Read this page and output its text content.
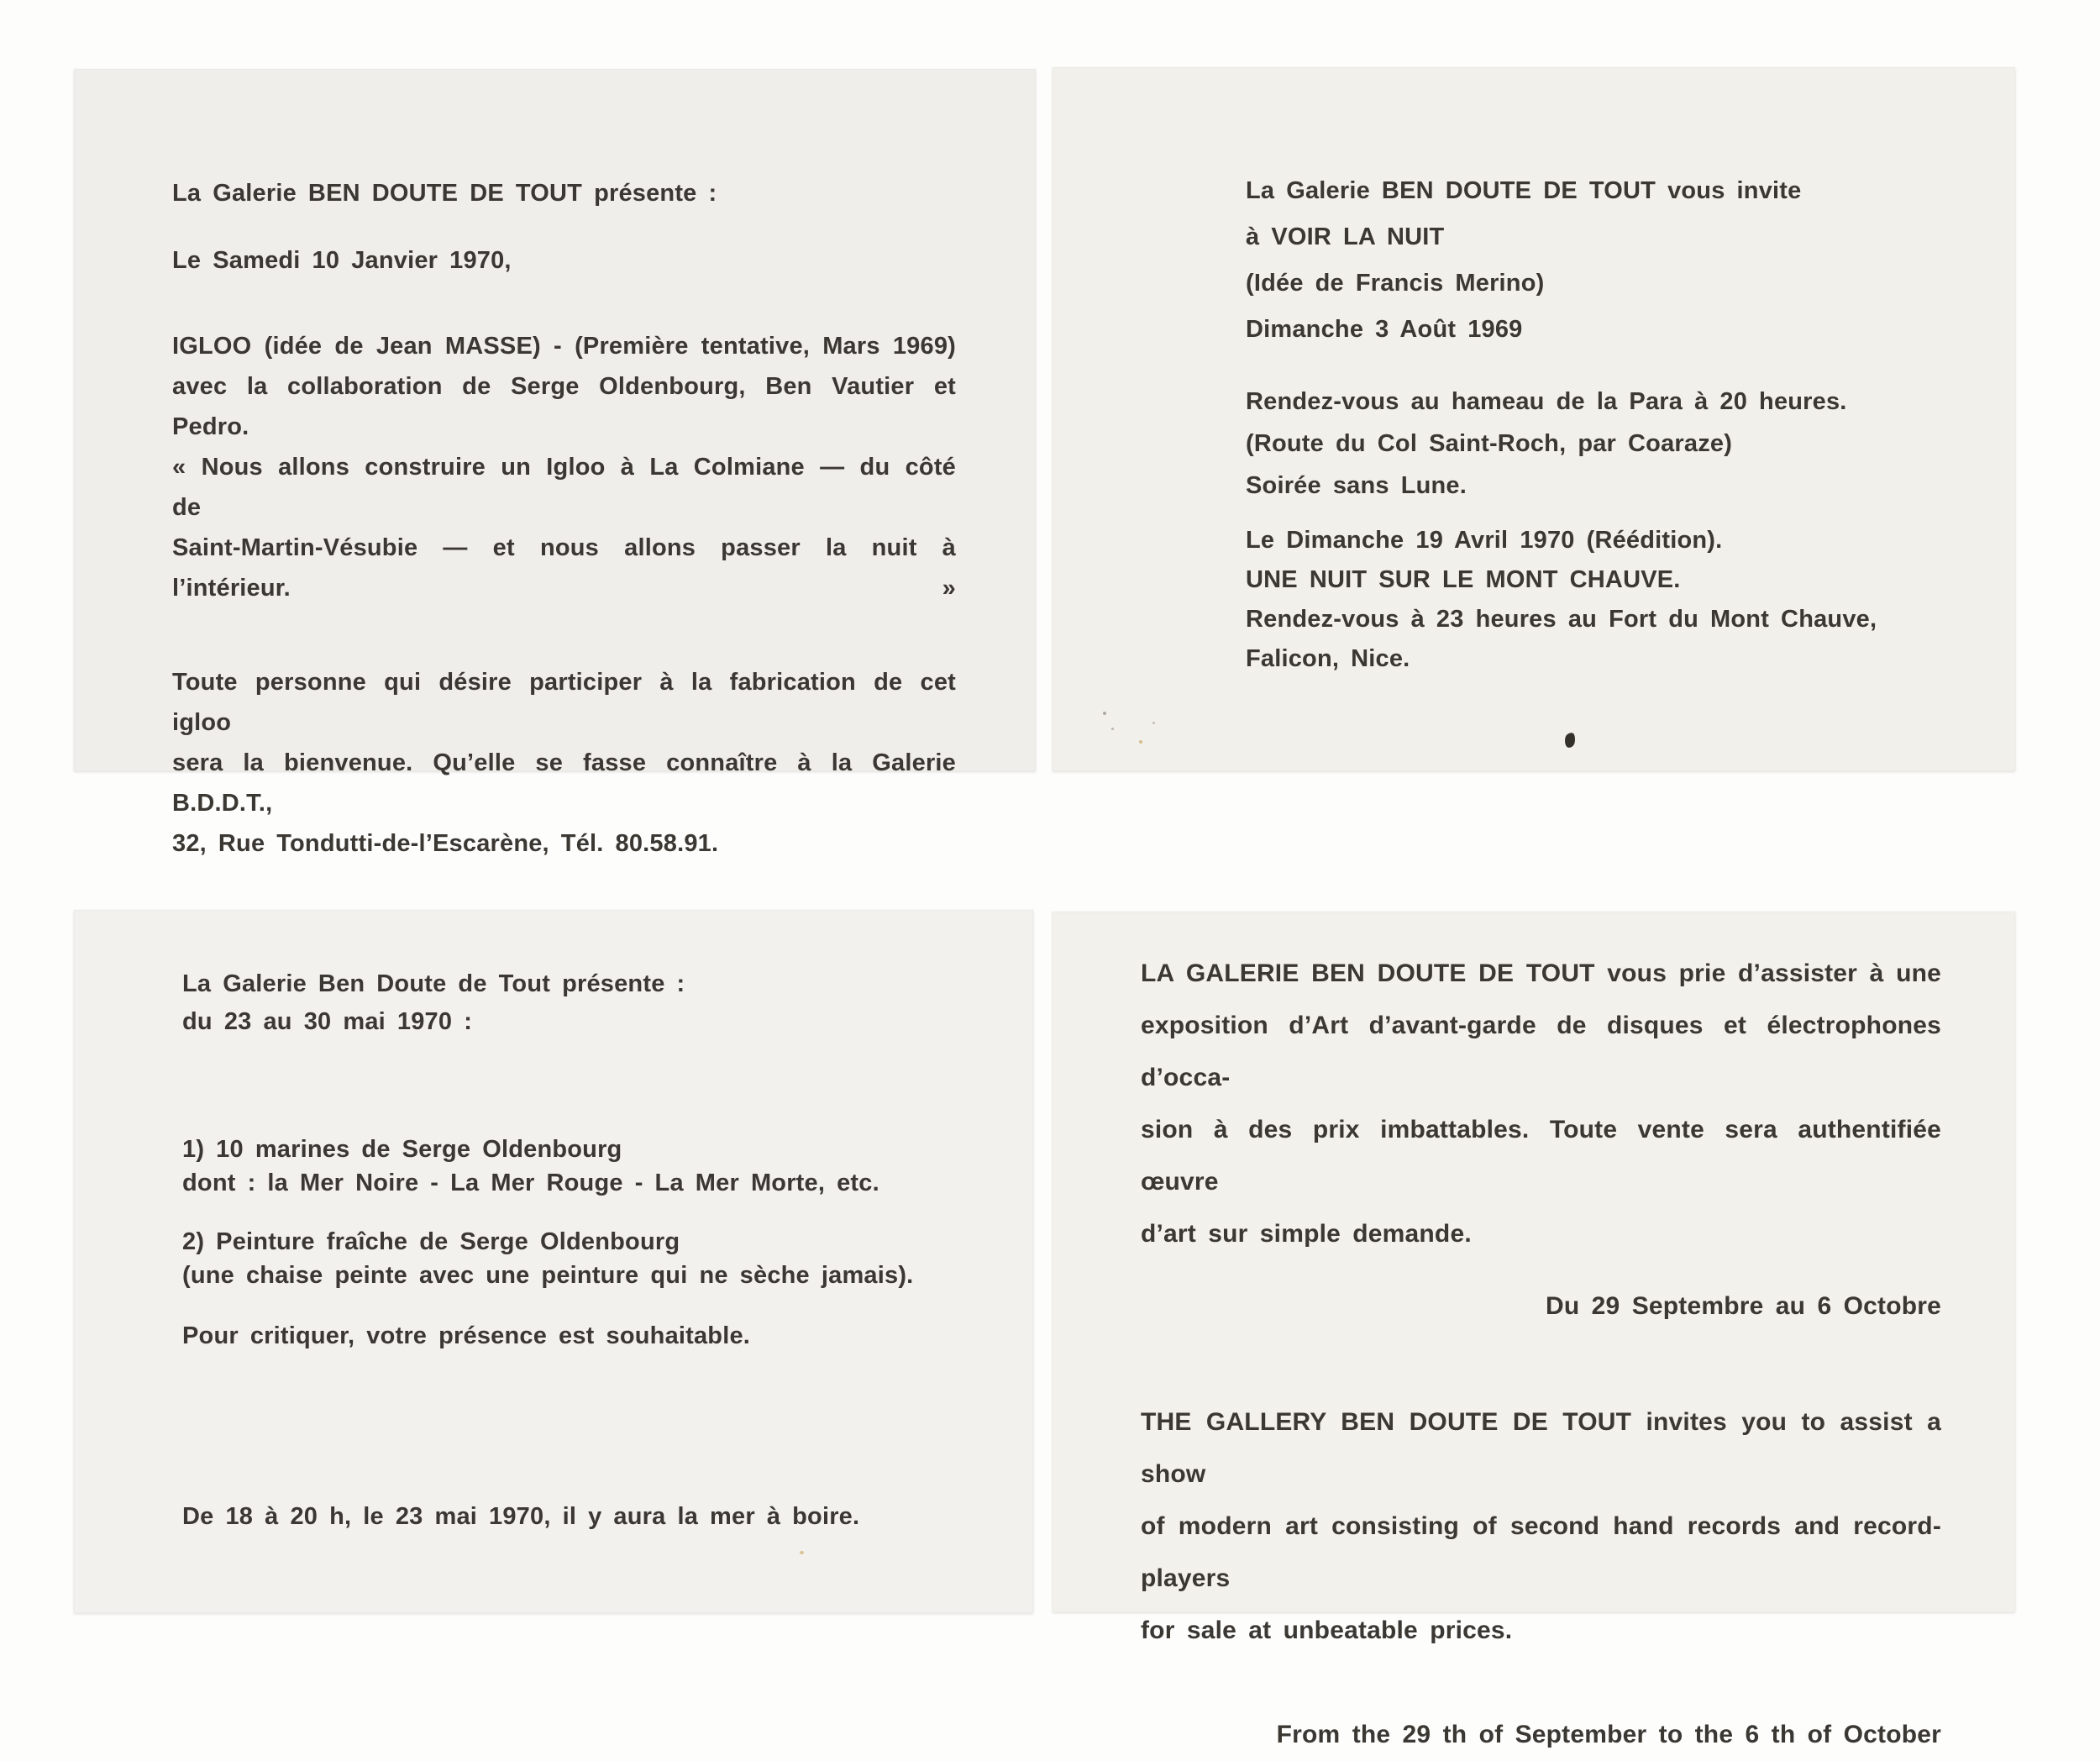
La Galerie BEN DOUTE DE TOUT présente :

Le Samedi 10 Janvier 1970,

IGLOO (idée de Jean MASSE) - (Première tentative, Mars 1969)

avec la collaboration de Serge Oldenbourg, Ben Vautier et Pedro.

« Nous allons construire un Igloo à La Colmiane — du côté de

Saint-Martin-Vésubie — et nous allons passer la nuit à l’intérieur. »

Toute personne qui désire participer à la fabrication de cet igloo

sera la bienvenue. Qu’elle se fasse connaître à la Galerie B.D.D.T.,

32, Rue Tondutti-de-l’Escarène, Tél. 80.58.91.

La Galerie BEN DOUTE DE TOUT vous invite

à VOIR LA NUIT

(Idée de Francis Merino)

Dimanche 3 Août 1969

Rendez-vous au hameau de la Para à 20 heures.

(Route du Col Saint-Roch, par Coaraze)

Soirée sans Lune.

Le Dimanche 19 Avril 1970 (Réédition).

UNE NUIT SUR LE MONT CHAUVE.

Rendez-vous à 23 heures au Fort du Mont Chauve,

Falicon, Nice.

La Galerie Ben Doute de Tout présente :

du 23 au 30 mai 1970 :

1) 10 marines de Serge Oldenbourg

dont : la Mer Noire - La Mer Rouge - La Mer Morte, etc.

2) Peinture fraîche de Serge Oldenbourg

(une chaise peinte avec une peinture qui ne sèche jamais).

Pour critiquer, votre présence est souhaitable.

De 18 à 20 h, le 23 mai 1970, il y aura la mer à boire.

LA GALERIE BEN DOUTE DE TOUT vous prie d’assister à une

exposition d’Art d’avant-garde de disques et électrophones d’occa-

sion à des prix imbattables. Toute vente sera authentifiée œuvre

d’art sur simple demande.

Du 29 Septembre au 6 Octobre

THE GALLERY BEN DOUTE DE TOUT invites you to assist a show

of modern art consisting of second hand records and record-players

for sale at unbeatable prices.

From the 29 th of September to the 6 th of October
